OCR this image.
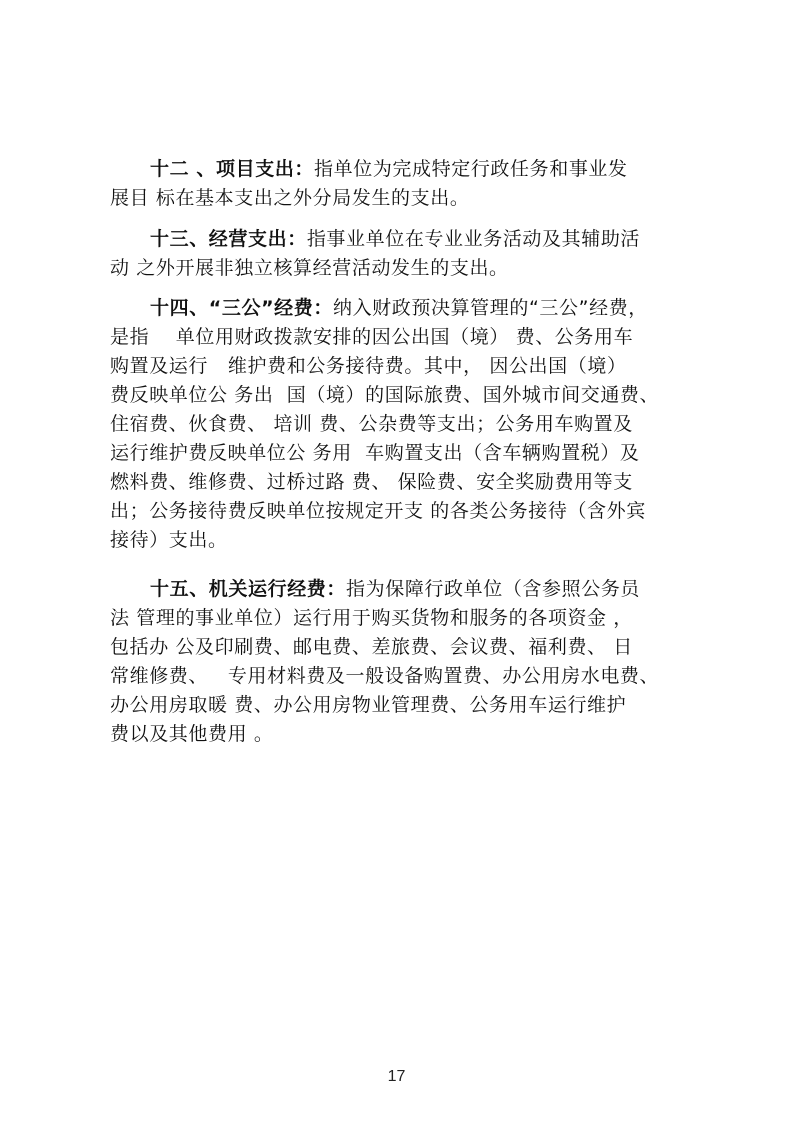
十二 、项目支出：指单位为完成特定行政任务和事业发
展目 标在基本支出之外分局发生的支出。
十三、经营支出：指事业单位在专业业务活动及其辅助活
动 之外开展非独立核算经营活动发生的支出。
十四、“三公”经费：纳入财政预决算管理的“三公”经费，
是指    单位用财政拨款安排的因公出国（境） 费、公务用车
购置及运行   维护费和公务接待费。其中， 因公出国（境）
费反映单位公 务出  国（境）的国际旅费、国外城市间交通费、
住宿费、伙食费、 培训 费、公杂费等支出；公务用车购置及
运行维护费反映单位公 务用  车购置支出（含车辆购置税）及
燃料费、维修费、过桥过路 费、 保险费、安全奖励费用等支
出；公务接待费反映单位按规定开支 的各类公务接待（含外宾
接待）支出。
十五、机关运行经费：指为保障行政单位（含参照公务员
法 管理的事业单位）运行用于购买货物和服务的各项资金 ，
包括办 公及印刷费、邮电费、差旅费、会议费、福利费、 日
常维修费、   专用材料费及一般设备购置费、办公用房水电费、
办公用房取暖 费、办公用房物业管理费、公务用车运行维护
费以及其他费用 。
17
